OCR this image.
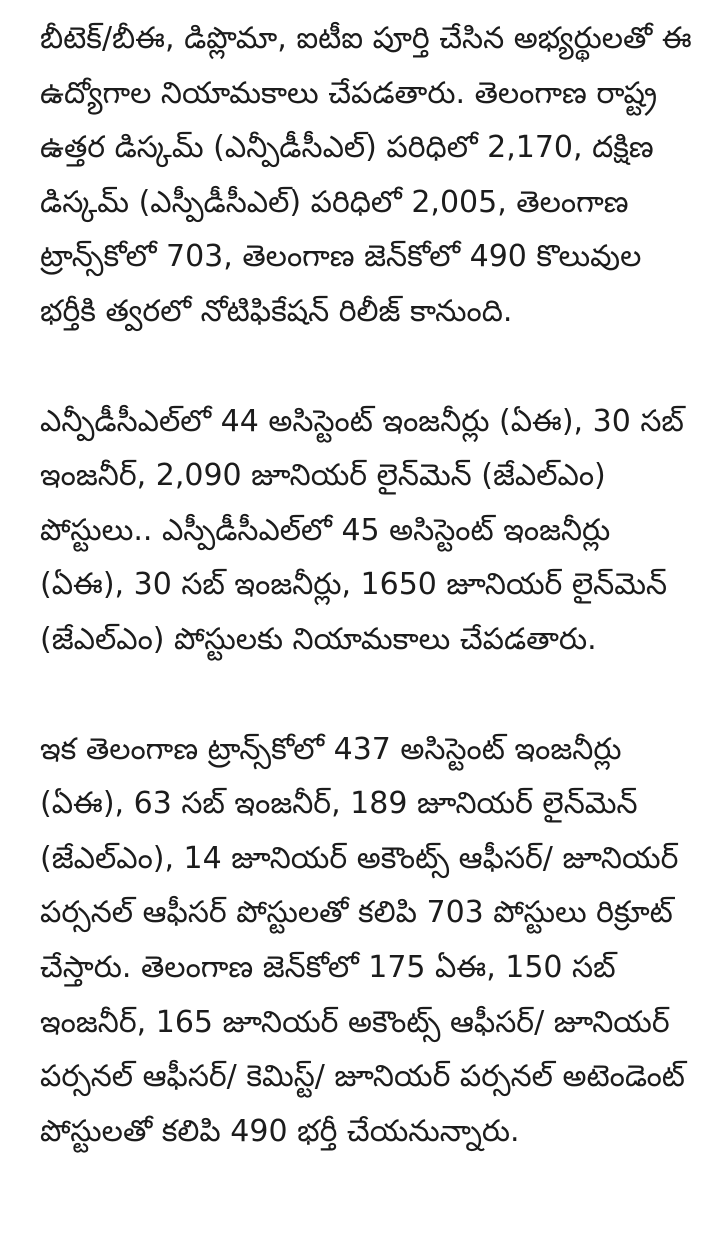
బీటెక్/బీఈ, డిప్లొమా, ఐటీఐ పూర్తి చేసిన అభ్యర్థులతో ఈ ఉద్యోగాల నియామకాలు చేపడతారు. తెలంగాణ రాష్ట్ర ఉత్తర డిస్కమ్ (ఎన్పీడీసీఎల్) పరిధిలో 2,170, దక్షిణ డిస్కమ్ (ఎస్పీడీసీఎల్) పరిధిలో 2,005, తెలంగాణ ట్రాన్స్‌కోలో 703, తెలంగాణ జెన్‌కోలో 490 కొలువుల భర్తీకి త్వరలో నోటిఫికేషన్ రిలీజ్ కానుంది.

ఎన్పీడీసీఎల్‌లో 44 అసిస్టెంట్ ఇంజనీర్లు (ఏఈ), 30 సబ్ ఇంజనీర్, 2,090 జూనియర్ లైన్‌మెన్ (జేఎల్ఎం) పోస్టులు.. ఎస్పీడీసీఎల్‌లో 45 అసిస్టెంట్ ఇంజనీర్లు (ఏఈ), 30 సబ్ ఇంజనీర్లు, 1650 జూనియర్ లైన్‌మెన్ (జేఎల్ఎం) పోస్టులకు నియామకాలు చేపడతారు.

ఇక తెలంగాణ ట్రాన్స్‌కోలో 437 అసిస్టెంట్ ఇంజనీర్లు (ఏఈ), 63 సబ్ ఇంజనీర్, 189 జూనియర్ లైన్‌మెన్ (జేఎల్ఎం), 14 జూనియర్ అకౌంట్స్ ఆఫీసర్/ జూనియర్ పర్సనల్ ఆఫీసర్ పోస్టులతో కలిపి 703 పోస్టులు రిక్రూట్ చేస్తారు. తెలంగాణ జెన్‌కోలో 175 ఏఈ, 150 సబ్ ఇంజనీర్, 165 జూనియర్ అకౌంట్స్ ఆఫీసర్/ జూనియర్ పర్సనల్ ఆఫీసర్/ కెమిస్ట్/ జూనియర్ పర్సనల్ అటెండెంట్ పోస్టులతో కలిపి 490 భర్తీ చేయనున్నారు.
